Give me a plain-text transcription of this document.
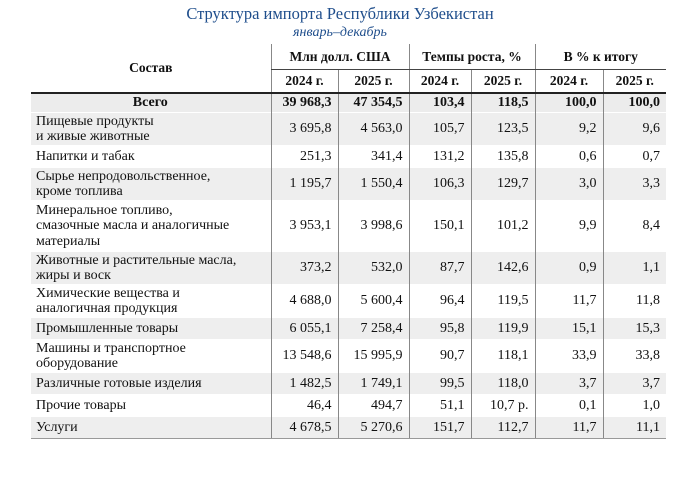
Структура импорта Республики Узбекистан
январь–декабрь
Состав	Млн долл. США		Темпы роста, %		В % к итогу	
	2024 г.	2025 г.	2024 г.	2025 г.	2024 г.	2025 г.
Всего	39 968,3	47 354,5	103,4	118,5	100,0	100,0

Пищевые продукты
и живые животные	3 695,8	4 563,0	105,7	123,5	9,2	9,6

Напитки и табак	251,3	341,4	131,2	135,8	0,6	0,7

Сырье непродовольственное,
кроме топлива	1 195,7	1 550,4	106,3	129,7	3,0	3,3

Минеральное топливо,
смазочные масла и аналогичные
материалы	3 953,1	3 998,6	150,1	101,2	9,9	8,4

Животные и растительные масла,
жиры и воск	373,2	532,0	87,7	142,6	0,9	1,1

Химические вещества и
аналогичная продукция	4 688,0	5 600,4	96,4	119,5	11,7	11,8

Промышленные товары	6 055,1	7 258,4	95,8	119,9	15,1	15,3

Машины и транспортное
оборудование	13 548,6	15 995,9	90,7	118,1	33,9	33,8

Различные готовые изделия	1 482,5	1 749,1	99,5	118,0	3,7	3,7

Прочие товары	46,4	494,7	51,1	10,7 р.	0,1	1,0

Услуги	4 678,5	5 270,6	151,7	112,7	11,7	11,1
